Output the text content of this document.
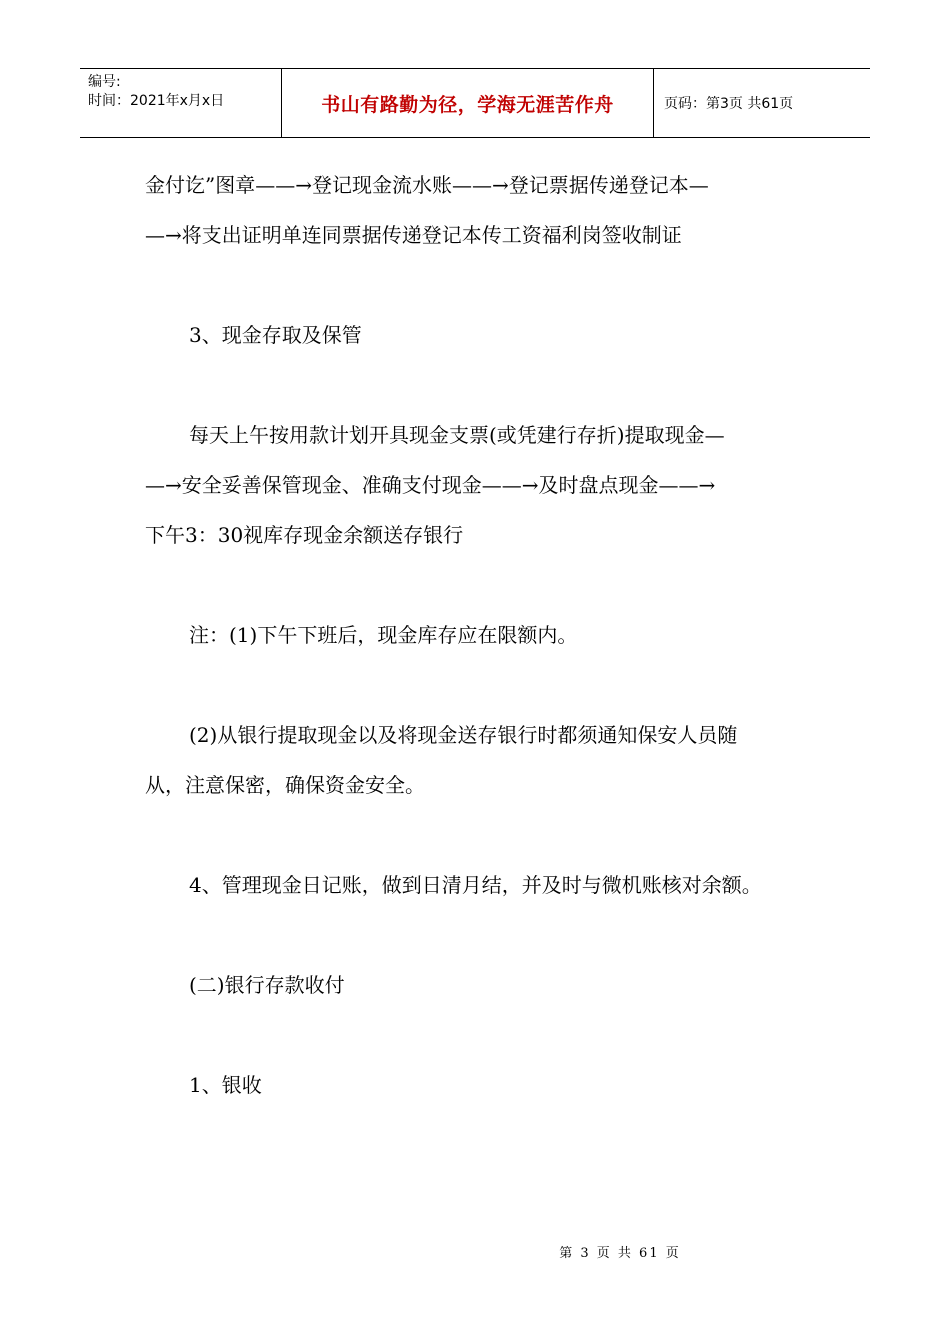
编号:
时间：2021年x月x日	书山有路勤为径，学海无涯苦作舟	页码：第3页 共61页
金付讫”图章——→登记现金流水账——→登记票据传递登记本—
—→将支出证明单连同票据传递登记本传工资福利岗签收制证
3、现金存取及保管
每天上午按用款计划开具现金支票(或凭建行存折)提取现金—
—→安全妥善保管现金、准确支付现金——→及时盘点现金——→
下午3：30视库存现金余额送存银行
注：(1)下午下班后，现金库存应在限额内。
(2)从银行提取现金以及将现金送存银行时都须通知保安人员随
从，注意保密，确保资金安全。
4、管理现金日记账，做到日清月结，并及时与微机账核对余额。
(二)银行存款收付
1、银收
第 3 页 共 61 页
